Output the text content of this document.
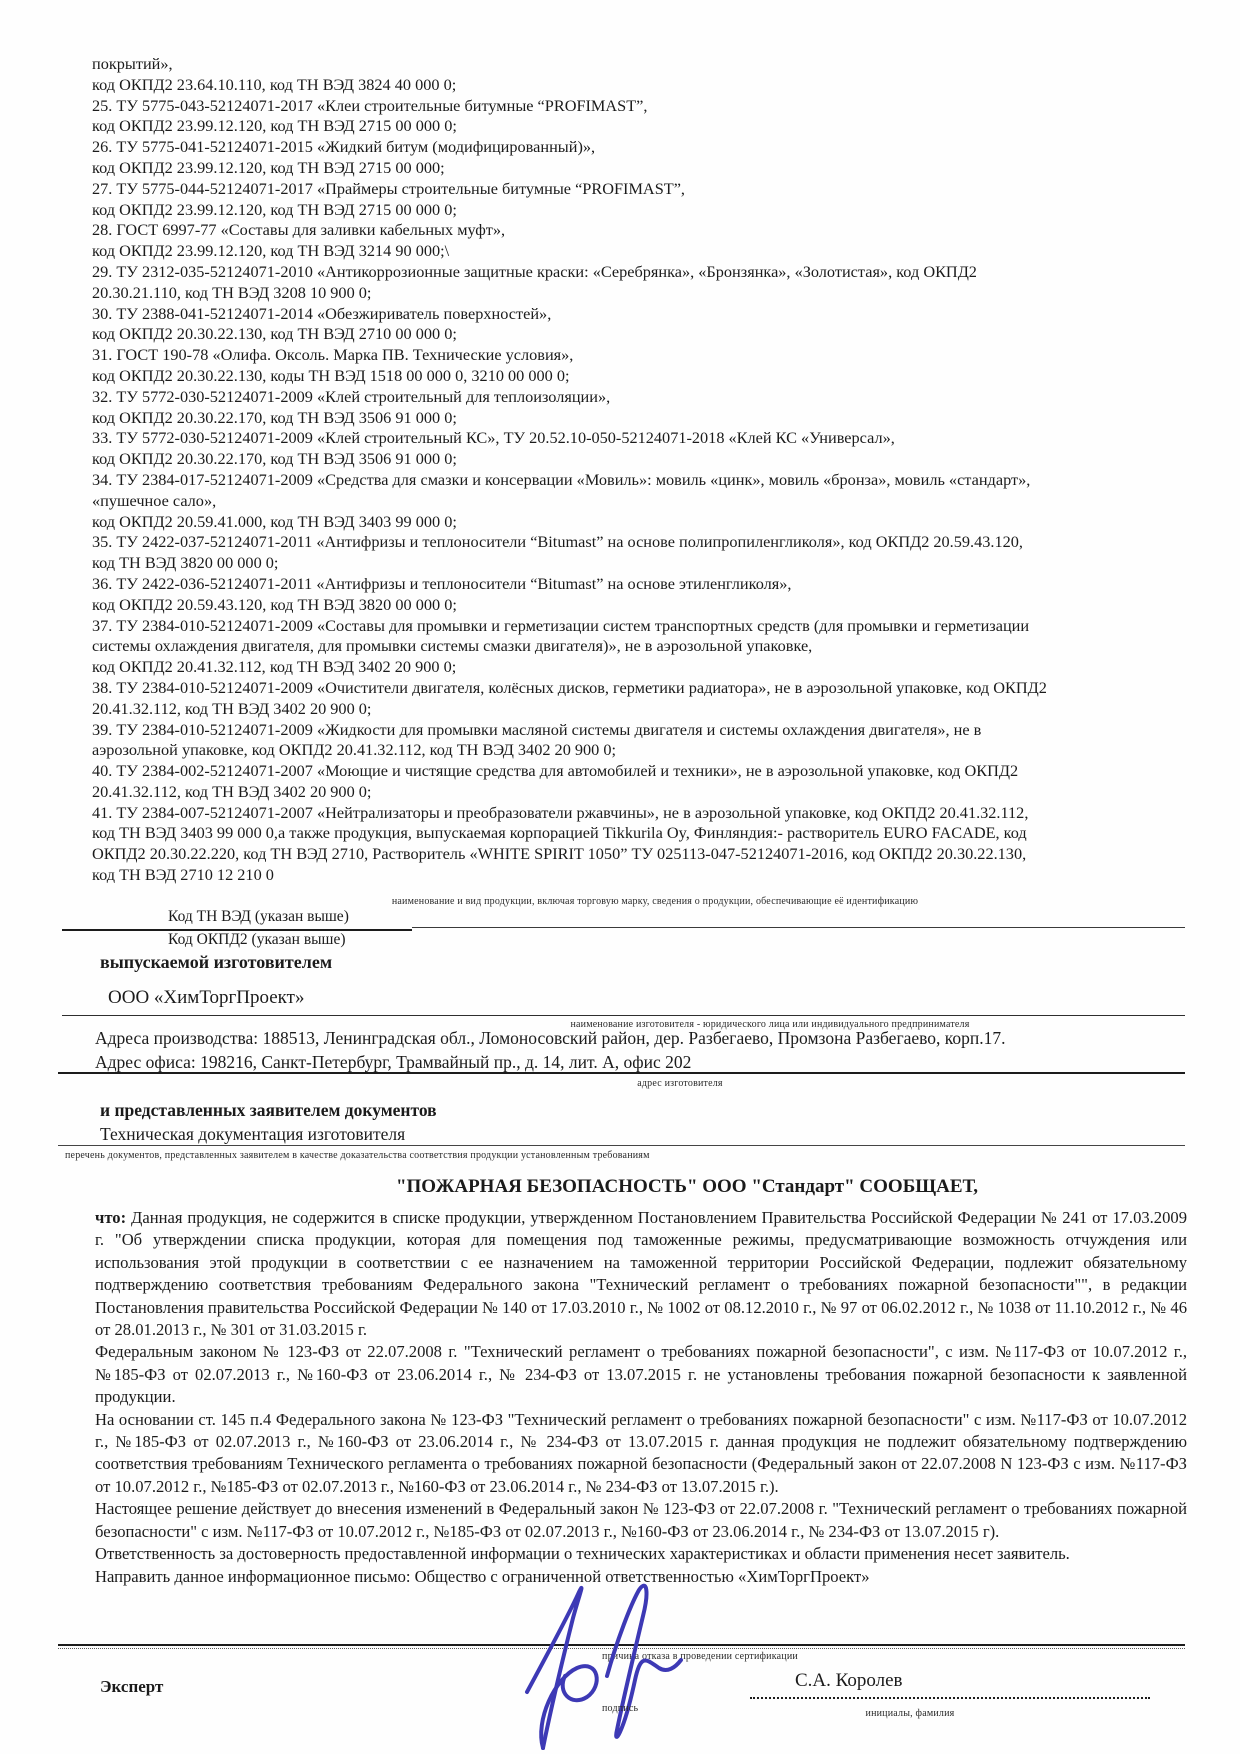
покрытий»,
код ОКПД2 23.64.10.110, код ТН ВЭД 3824 40 000 0;
25. ТУ 5775-043-52124071-2017 «Клеи строительные битумные “PROFIMAST”,
код ОКПД2 23.99.12.120, код ТН ВЭД 2715 00 000 0;
26. ТУ 5775-041-52124071-2015 «Жидкий битум (модифицированный)»,
код ОКПД2 23.99.12.120, код ТН ВЭД 2715 00 000;
27. ТУ 5775-044-52124071-2017 «Праймеры строительные битумные “PROFIMAST”,
код ОКПД2 23.99.12.120, код ТН ВЭД 2715 00 000 0;
28. ГОСТ 6997-77 «Составы для заливки кабельных муфт»,
код ОКПД2 23.99.12.120, код ТН ВЭД 3214 90 000;\
29. ТУ 2312-035-52124071-2010 «Антикоррозионные защитные краски: «Серебрянка», «Бронзянка», «Золотистая», код ОКПД2
20.30.21.110, код ТН ВЭД 3208 10 900 0;
30. ТУ 2388-041-52124071-2014 «Обезжириватель поверхностей»,
код ОКПД2 20.30.22.130, код ТН ВЭД 2710 00 000 0;
31. ГОСТ 190-78 «Олифа. Оксоль. Марка ПВ. Технические условия»,
код ОКПД2 20.30.22.130, коды ТН ВЭД 1518 00 000 0, 3210 00 000 0;
32. ТУ 5772-030-52124071-2009 «Клей строительный для теплоизоляции»,
код ОКПД2 20.30.22.170, код ТН ВЭД 3506 91 000 0;
33. ТУ 5772-030-52124071-2009 «Клей строительный КС», ТУ 20.52.10-050-52124071-2018 «Клей КС «Универсал»,
код ОКПД2 20.30.22.170, код ТН ВЭД 3506 91 000 0;
34. ТУ 2384-017-52124071-2009 «Средства для смазки и консервации «Мовиль»: мовиль «цинк», мовиль «бронза», мовиль «стандарт»,
«пушечное сало»,
код ОКПД2 20.59.41.000, код ТН ВЭД 3403 99 000 0;
35. ТУ 2422-037-52124071-2011 «Антифризы и теплоносители “Bitumast” на основе полипропиленгликоля», код ОКПД2 20.59.43.120,
код ТН ВЭД 3820 00 000 0;
36. ТУ 2422-036-52124071-2011 «Антифризы и теплоносители “Bitumast” на основе этиленгликоля»,
код ОКПД2 20.59.43.120, код ТН ВЭД 3820 00 000 0;
37. ТУ 2384-010-52124071-2009 «Составы для промывки и герметизации систем транспортных средств (для промывки и герметизации
системы охлаждения двигателя, для промывки системы смазки двигателя)», не в аэрозольной упаковке,
код ОКПД2 20.41.32.112, код ТН ВЭД 3402 20 900 0;
38. ТУ 2384-010-52124071-2009 «Очистители двигателя, колёсных дисков, герметики радиатора», не в аэрозольной упаковке, код ОКПД2
20.41.32.112, код ТН ВЭД 3402 20 900 0;
39. ТУ 2384-010-52124071-2009 «Жидкости для промывки масляной системы двигателя и системы охлаждения двигателя», не в
аэрозольной упаковке, код ОКПД2 20.41.32.112, код ТН ВЭД 3402 20 900 0;
40. ТУ 2384-002-52124071-2007 «Моющие и чистящие средства для автомобилей и техники», не в аэрозольной упаковке, код ОКПД2
20.41.32.112, код ТН ВЭД 3402 20 900 0;
41. ТУ 2384-007-52124071-2007 «Нейтрализаторы и преобразователи ржавчины», не в аэрозольной упаковке, код ОКПД2 20.41.32.112,
код ТН ВЭД 3403 99 000 0,а также продукция, выпускаемая корпорацией Tikkurila Oy, Финляндия:- растворитель EURO FACADE, код
ОКПД2 20.30.22.220, код ТН ВЭД 2710, Растворитель «WHITE SPIRIT 1050” ТУ 025113-047-52124071-2016, код ОКПД2 20.30.22.130,
код ТН ВЭД 2710 12 210 0
наименование и вид продукции, включая торговую марку, сведения о продукции, обеспечивающие её идентификацию
Код ТН ВЭД (указан выше)
Код ОКПД2 (указан выше)
выпускаемой изготовителем
ООО «ХимТоргПроект»
наименование изготовителя - юридического лица или индивидуального предпринимателя
Адреса производства: 188513, Ленинградская обл., Ломоносовский район, дер. Разбегаево, Промзона Разбегаево, корп.17.
Адрес офиса: 198216, Санкт-Петербург, Трамвайный пр., д. 14, лит. А, офис 202
адрес изготовителя
и представленных заявителем документов
Техническая документация изготовителя
перечень документов, представленных заявителем в качестве доказательства соответствия продукции установленным требованиям
"ПОЖАРНАЯ БЕЗОПАСНОСТЬ" ООО "Стандарт" СООБЩАЕТ,
что: Данная продукция, не содержится в списке продукции, утвержденном Постановлением Правительства Российской Федерации № 241 от 17.03.2009 г. "Об утверждении списка продукции, которая для помещения под таможенные режимы, предусматривающие возможность отчуждения или использования этой продукции в соответствии с ее назначением на таможенной территории Российской Федерации, подлежит обязательному подтверждению соответствия требованиям Федерального закона "Технический регламент о требованиях пожарной безопасности"", в редакции Постановления правительства Российской Федерации № 140 от 17.03.2010 г., № 1002 от 08.12.2010 г., № 97 от 06.02.2012 г., № 1038 от 11.10.2012 г., № 46 от 28.01.2013 г., № 301 от 31.03.2015 г.
Федеральным законом № 123-ФЗ от 22.07.2008 г. "Технический регламент о требованиях пожарной безопасности", с изм. №117-ФЗ от 10.07.2012 г., №185-ФЗ от 02.07.2013 г., №160-ФЗ от 23.06.2014 г., № 234-ФЗ от 13.07.2015 г. не установлены требования пожарной безопасности к заявленной продукции.
На основании ст. 145 п.4 Федерального закона № 123-ФЗ "Технический регламент о требованиях пожарной безопасности" с изм. №117-ФЗ от 10.07.2012 г., №185-ФЗ от 02.07.2013 г., №160-ФЗ от 23.06.2014 г., № 234-ФЗ от 13.07.2015 г. данная продукция не подлежит обязательному подтверждению соответствия требованиям Технического регламента о требованиях пожарной безопасности (Федеральный закон от 22.07.2008 N 123-ФЗ с изм. №117-ФЗ от 10.07.2012 г., №185-ФЗ от 02.07.2013 г., №160-ФЗ от 23.06.2014 г., № 234-ФЗ от 13.07.2015 г.).
Настоящее решение действует до внесения изменений в Федеральный закон № 123-ФЗ от 22.07.2008 г. "Технический регламент о требованиях пожарной безопасности" с изм. №117-ФЗ от 10.07.2012 г., №185-ФЗ от 02.07.2013 г., №160-ФЗ от 23.06.2014 г., № 234-ФЗ от 13.07.2015 г).
Ответственность за достоверность предоставленной информации о технических характеристиках и области применения несет заявитель.
Направить данное информационное письмо: Общество с ограниченной ответственностью «ХимТоргПроект»
причина отказа в проведении сертификации
Эксперт
подпись
С.А. Королев
инициалы, фамилия
